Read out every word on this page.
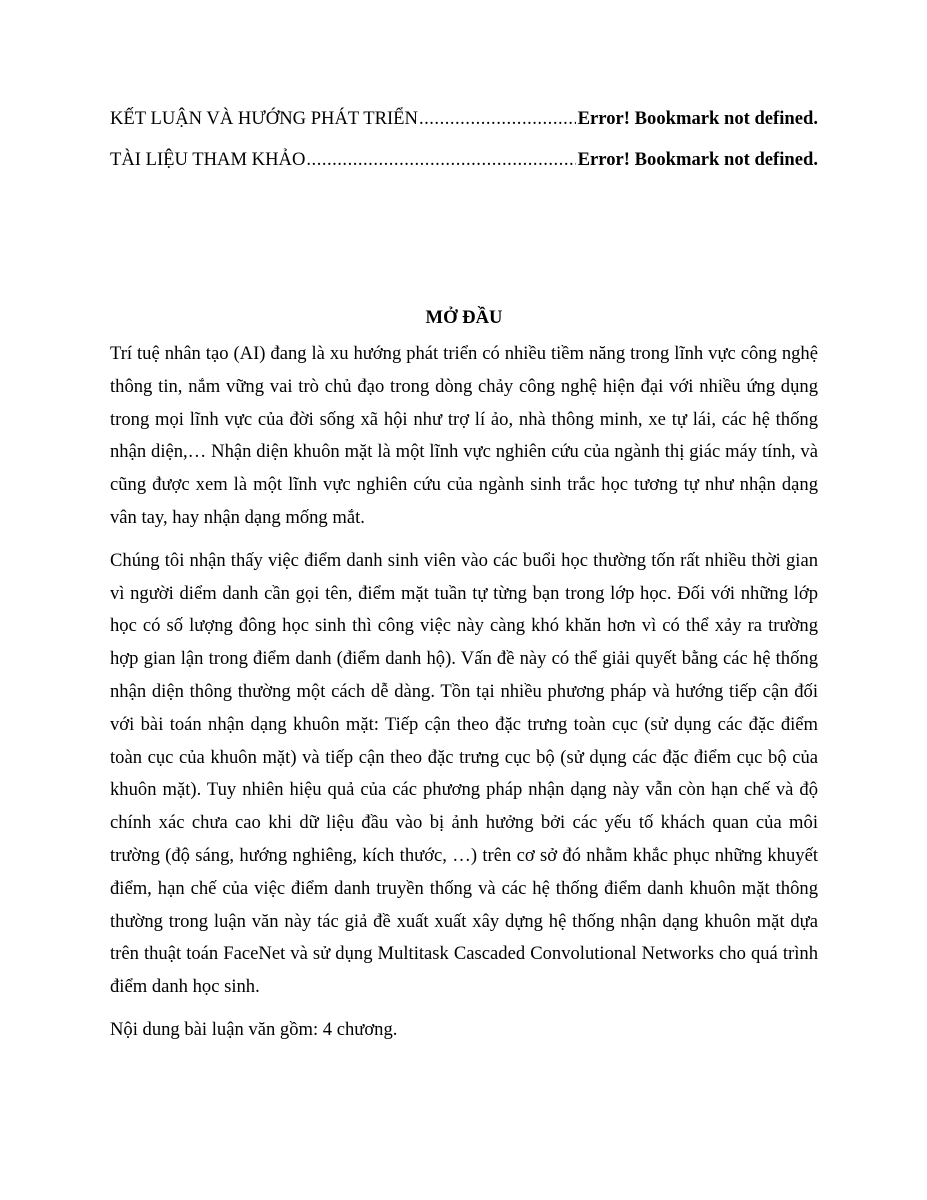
KẾT LUẬN VÀ HƯỚNG PHÁT TRIỂN .....	Error! Bookmark not defined.
TÀI LIỆU THAM KHẢO .....	Error! Bookmark not defined.
MỞ ĐẦU

Trí tuệ nhân tạo (AI) đang là xu hướng phát triển có nhiều tiềm năng trong lĩnh vực công nghệ thông tin, nắm vững vai trò chủ đạo trong dòng chảy công nghệ hiện đại với nhiều ứng dụng trong mọi lĩnh vực của đời sống xã hội như trợ lí ảo, nhà thông minh, xe tự lái, các hệ thống nhận diện,… Nhận diện khuôn mặt là một lĩnh vực nghiên cứu của ngành thị giác máy tính, và cũng được xem là một lĩnh vực nghiên cứu của ngành sinh trắc học tương tự như nhận dạng vân tay, hay nhận dạng mống mắt.

Chúng tôi nhận thấy việc điểm danh sinh viên vào các buổi học thường tốn rất nhiều thời gian vì người diểm danh cần gọi tên, điểm mặt tuần tự từng bạn trong lớp học. Đối với những lớp học có số lượng đông học sinh thì công việc này càng khó khăn hơn vì có thể xảy ra trường hợp gian lận trong điểm danh (điểm danh hộ). Vấn đề này có thể giải quyết bằng các hệ thống nhận diện thông thường một cách dễ dàng. Tồn tại nhiều phương pháp và hướng tiếp cận đối với bài toán nhận dạng khuôn mặt: Tiếp cận theo đặc trưng toàn cục (sử dụng các đặc điểm toàn cục của khuôn mặt) và tiếp cận theo đặc trưng cục bộ (sử dụng các đặc điểm cục bộ của khuôn mặt). Tuy nhiên hiệu quả của các phương pháp nhận dạng này vẫn còn hạn chế và độ chính xác chưa cao khi dữ liệu đầu vào bị ảnh hưởng bởi các yếu tố khách quan của môi trường (độ sáng, hướng nghiêng, kích thước, …) trên cơ sở đó nhằm khắc phục những khuyết điểm, hạn chế của việc điểm danh truyền thống và các hệ thống điểm danh khuôn mặt thông thường trong luận văn này tác giả đề xuất xuất xây dựng hệ thống nhận dạng khuôn mặt dựa trên thuật toán FaceNet và sử dụng Multitask Cascaded Convolutional Networks cho quá trình điểm danh học sinh.

Nội dung bài luận văn gồm: 4 chương.
